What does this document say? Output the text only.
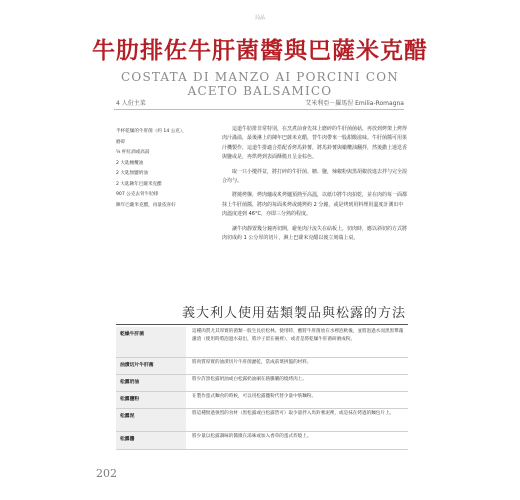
局品
牛肋排佐牛肝菌醬與巴薩米克醋
COSTATA DI MANZO AI PORCINI CON ACETO BALSAMICO
4 人份主菜	艾米利亞－羅馬涅 Emilia-Romagna
半杯乾燥的牛肝菌（約 14 公克），
磨碎
¼ 杯紅酒或高湯
2 大匙橄欖油
2 大匙無鹽奶油
2 大匙陳年巴薩米克醋
907 公克去骨牛肋排
陳年巴薩米克醋，再量依喜好

這道牛肋排非常特別，在烹煮前會先抹上磨碎的牛肝菌菌菇，再放到烤架上烤得肉汁滿溢，最後淋上的陳年巴薩米克醋，替牛肉帶來一股甜酸滋味。牛肝菌醬可用果汁機製作，這道牛排適合搭配香烤馬鈴薯，將馬鈴薯與橄欖油翻拌，然後撒上迷迭香與鹽或是，再烘烤到表面酥脆且呈金棕色。

取一只小攪拌盆，將打碎的牛肝菌、糖、鹽，辣椒粉與黑胡椒放進去拌勻完全混合均勻。

將燒烤盤，烤肉爐或炙烤爐預熱至高溫，以紙巾將牛肉拍乾，並在肉的每一面都抹上牛肝菌醬，將肉的每面炙烤或燒烤約 2 分鐘，或是烤到用料理用溫度計測出中肉溫度達到 46°C，亦即三分熟的程度。

讓牛肉靜置幾分鐘再切開，避免肉汁流失在砧板上，切肉時，應以斜切的方式將肉切成約 1 公分厚的切片，淋上巴薩米克醋以後立刻端上桌。

義大利人使用菇類製品與松露的方法
乾燥牛肝菌
這種肉質尤其厚實的菌類一般生長於松林，使用時，應將牛肝菌放在水裡泡軟後，並將泡過水而黑黑蕈藻濾渣（使用時將泡過水菇出，將沙子留在碗裡），或者是將乾燥牛肝菌研磨成粉。
油漬切片牛肝菌
將肉質厚實的油漬切片牛肝菌瀝乾，當成前菜拼盤的材料。
松露奶油
將少許黑松露奶油或白松露奶油刷在熱騰騰的燒烤肉上。
松露鹽粉
在製作蛋式麵食的時候，可以用松露鹽粉代替少量中筋麵粉。
松露泥
將這種無過強烈的食材（黑松露或白松露皆可）取少量拌入馬鈴薯泥裡，或是抹在烤過的麵包片上。
松露醬
將少量以松露調味的醬微在湯味或加入香草的蛋式炸燒上。
202
